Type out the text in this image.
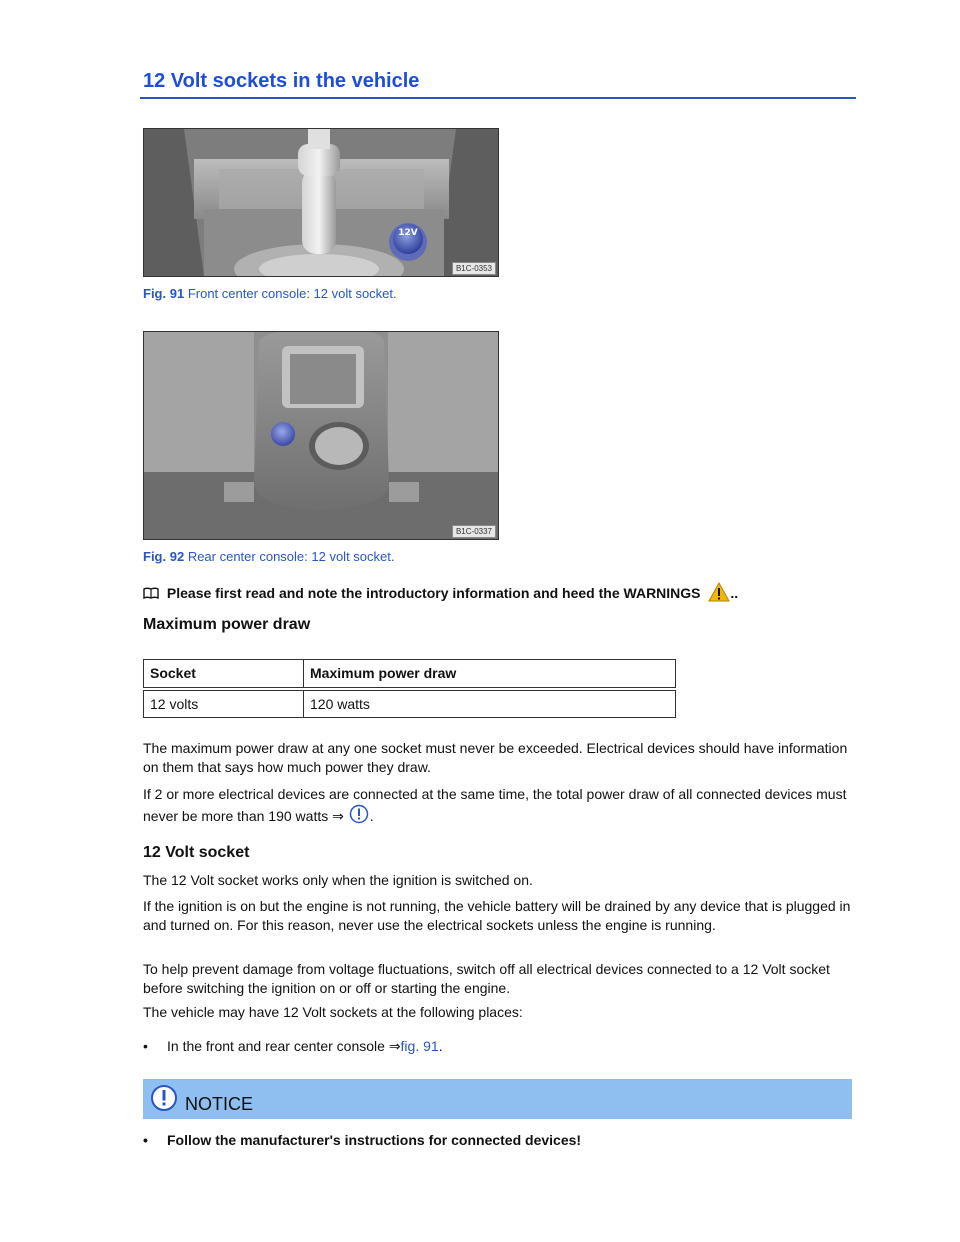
12 Volt sockets in the vehicle
12V
B1C-0353
Fig. 91 Front center console: 12 volt socket.
B1C-0337
Fig. 92 Rear center console: 12 volt socket.
Please first read and note the introductory information and heed the WARNINGS ..
Maximum power draw
Socket	Maximum power draw
12 volts	120 watts
The maximum power draw at any one socket must never be exceeded. Electrical devices should have information on them that says how much power they draw.
If 2 or more electrical devices are connected at the same time, the total power draw of all connected devices must never be more than 190 watts ⇒ .
12 Volt socket
The 12 Volt socket works only when the ignition is switched on.
If the ignition is on but the engine is not running, the vehicle battery will be drained by any device that is plugged in and turned on. For this reason, never use the electrical sockets unless the engine is running.
To help prevent damage from voltage fluctuations, switch off all electrical devices connected to a 12 Volt socket before switching the ignition on or off or starting the engine.
The vehicle may have 12 Volt sockets at the following places:
• In the front and rear center console ⇒fig. 91.
NOTICE
• Follow the manufacturer's instructions for connected devices!
